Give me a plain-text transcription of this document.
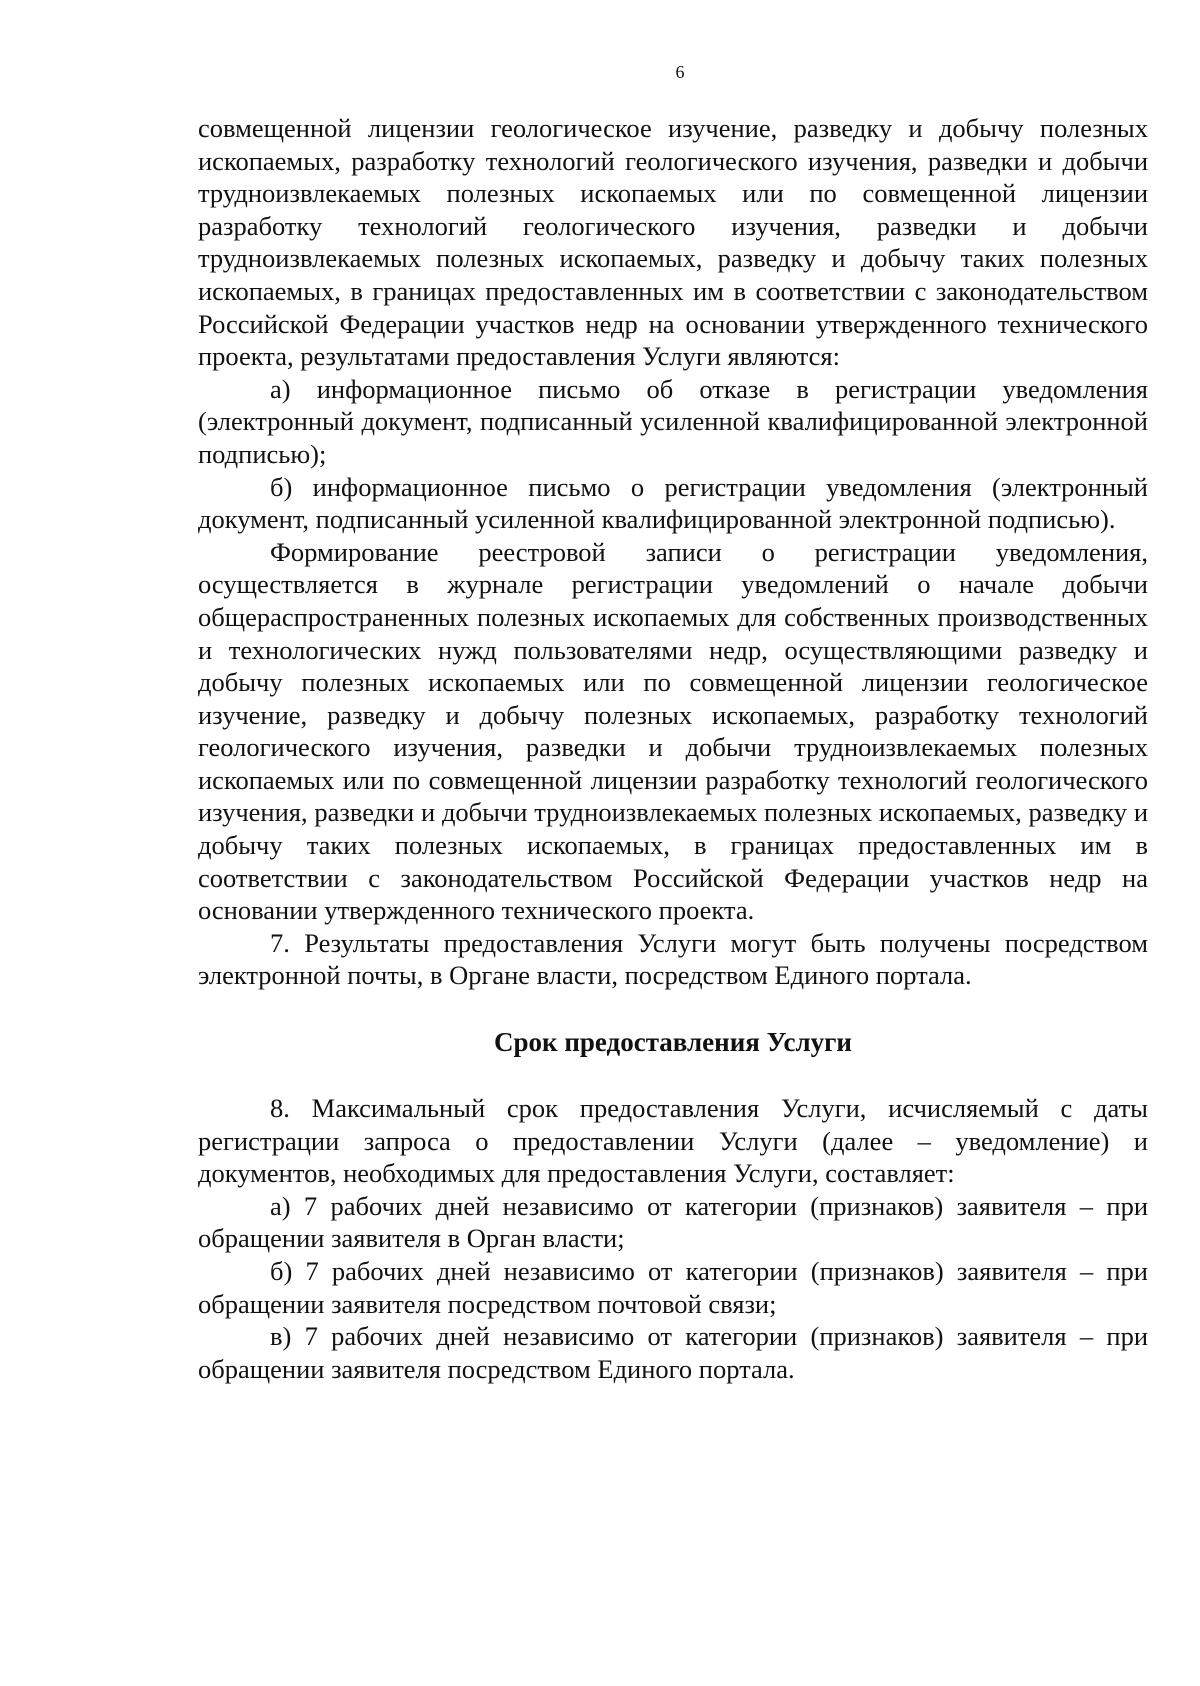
6

совмещенной лицензии геологическое изучение, разведку и добычу полезных ископаемых, разработку технологий геологического изучения, разведки и добычи трудноизвлекаемых полезных ископаемых или по совмещенной лицензии разработку технологий геологического изучения, разведки и добычи трудноизвлекаемых полезных ископаемых, разведку и добычу таких полезных ископаемых, в границах предоставленных им в соответствии с законодательством Российской Федерации участков недр на основании утвержденного технического проекта, результатами предоставления Услуги являются:

а) информационное письмо об отказе в регистрации уведомления (электронный документ, подписанный усиленной квалифицированной электронной подписью);

б) информационное письмо о регистрации уведомления (электронный документ, подписанный усиленной квалифицированной электронной подписью).

Формирование реестровой записи о регистрации уведомления, осуществляется в журнале регистрации уведомлений о начале добычи общераспространенных полезных ископаемых для собственных производственных и технологических нужд пользователями недр, осуществляющими разведку и добычу полезных ископаемых или по совмещенной лицензии геологическое изучение, разведку и добычу полезных ископаемых, разработку технологий геологического изучения, разведки и добычи трудноизвлекаемых полезных ископаемых или по совмещенной лицензии разработку технологий геологического изучения, разведки и добычи трудноизвлекаемых полезных ископаемых, разведку и добычу таких полезных ископаемых, в границах предоставленных им в соответствии с законодательством Российской Федерации участков недр на основании утвержденного технического проекта.

7. Результаты предоставления Услуги могут быть получены посредством электронной почты, в Органе власти, посредством Единого портала.

Срок предоставления Услуги

8. Максимальный срок предоставления Услуги, исчисляемый с даты регистрации запроса о предоставлении Услуги (далее – уведомление) и документов, необходимых для предоставления Услуги, составляет:

а) 7 рабочих дней независимо от категории (признаков) заявителя – при обращении заявителя в Орган власти;

б) 7 рабочих дней независимо от категории (признаков) заявителя – при обращении заявителя посредством почтовой связи;

в) 7 рабочих дней независимо от категории (признаков) заявителя – при обращении заявителя посредством Единого портала.
